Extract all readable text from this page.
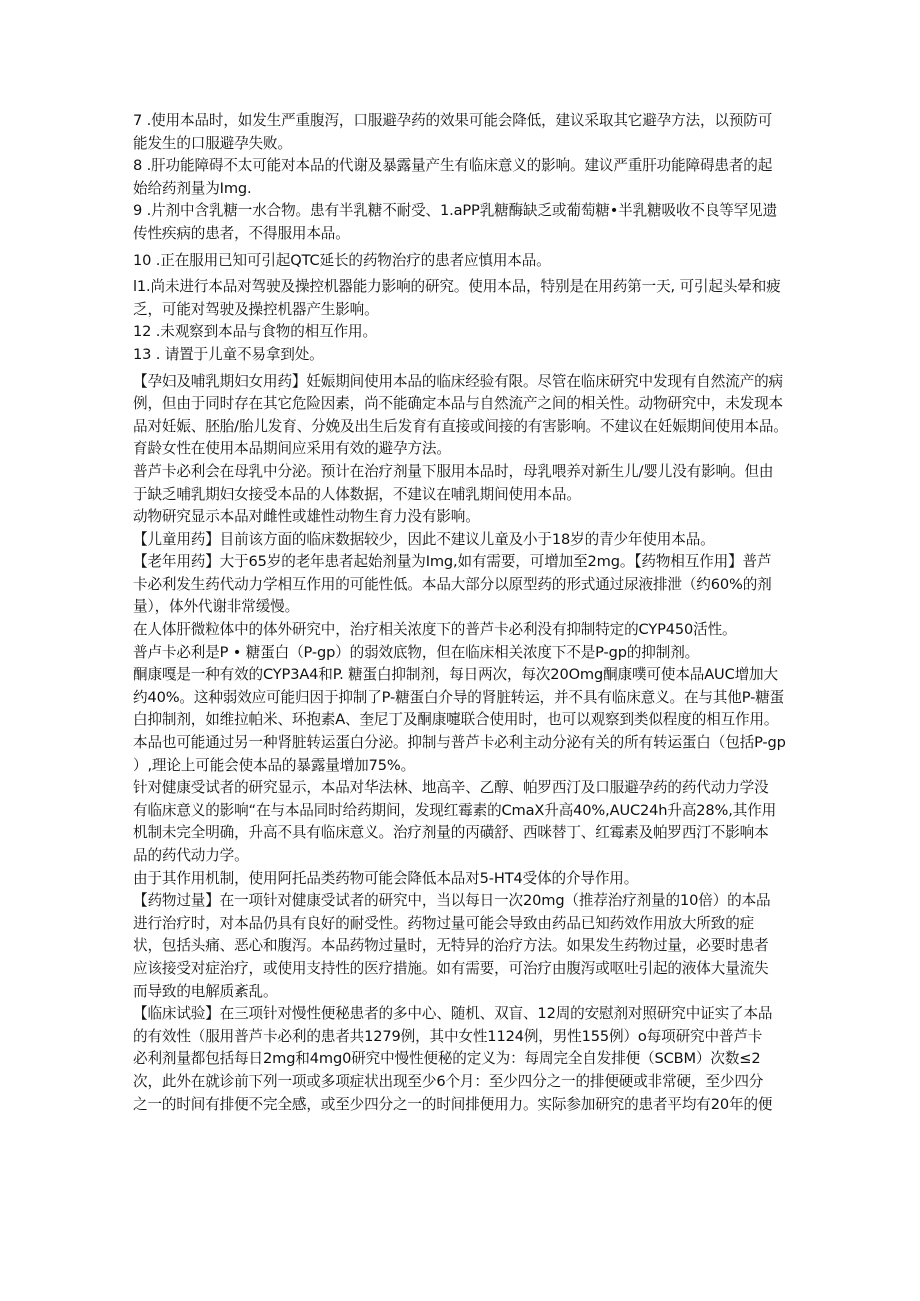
7 .使用本品时，如发生严重腹泻，口服避孕药的效果可能会降低，建议采取其它避孕方法，以预防可
能发生的口服避孕失败。
8 .肝功能障碍不太可能对本品的代谢及暴露量产生有临床意义的影响。建议严重肝功能障碍患者的起
始给药剂量为Img.
9 .片剂中含乳糖一水合物。患有半乳糖不耐受、1.aPP乳糖酶缺乏或葡萄糖•半乳糖吸收不良等罕见遗
传性疾病的患者，不得服用本品。
10 .正在服用已知可引起QTC延长的药物治疗的患者应慎用本品。
l1.尚未进行本品对驾驶及操控机器能力影响的研究。使用本品，特别是在用药第一天, 可引起头晕和疲
乏，可能对驾驶及操控机器产生影响。
12 .未观察到本品与食物的相互作用。
13 . 请置于儿童不易拿到处。
【孕妇及哺乳期妇女用药】妊娠期间使用本品的临床经验有限。尽管在临床研究中发现有自然流产的病
例，但由于同时存在其它危险因素，尚不能确定本品与自然流产之间的相关性。动物研究中，未发现本
品对妊娠、胚胎/胎儿发育、分娩及出生后发育有直接或间接的有害影响。不建议在妊娠期间使用本品。
育龄女性在使用本品期间应采用有效的避孕方法。
普芦卡必利会在母乳中分泌。预计在治疗剂量下服用本品时，母乳喂养对新生儿/婴儿没有影响。但由
于缺乏哺乳期妇女接受本品的人体数据，不建议在哺乳期间使用本品。
动物研究显示本品对雌性或雄性动物生育力没有影响。
【儿童用药】目前该方面的临床数据较少，因此不建议儿童及小于18岁的青少年使用本品。
【老年用药】大于65岁的老年患者起始剂量为Img,如有需要，可增加至2mg。【药物相互作用】普芦
卡必利发生药代动力学相互作用的可能性低。本品大部分以原型药的形式通过尿液排泄（约60%的剂
量），体外代谢非常缓慢。
在人体肝微粒体中的体外研究中，治疗相关浓度下的普芦卡必利没有抑制特定的CYP450活性。
普卢卡必利是P • 糖蛋白（P-gp）的弱效底物，但在临床相关浓度下不是P-gp的抑制剂。
酮康嘎是一种有效的CYP3A4和P. 糖蛋白抑制剂，每日两次，每次20Omg酮康噗可使本品AUC增加大
约40%。这种弱效应可能归因于抑制了P-糖蛋白介导的肾脏转运，并不具有临床意义。在与其他P-糖蛋
白抑制剂，如维拉帕米、环抱素A、奎尼丁及酮康嚏联合使用时，也可以观察到类似程度的相互作用。
本品也可能通过另一种肾脏转运蛋白分泌。抑制与普芦卡必利主动分泌有关的所有转运蛋白（包括P-gp
）,理论上可能会使本品的暴露量增加75%。
针对健康受试者的研究显示，本品对华法林、地高辛、乙醇、帕罗西汀及口服避孕药的药代动力学没
有临床意义的影响“在与本品同时给药期间，发现红霉素的CmaX升高40%,AUC24h升高28%,其作用
机制未完全明确，升高不具有临床意义。治疗剂量的丙磺舒、西咪替丁、红霉素及帕罗西汀不影响本
品的药代动力学。
由于其作用机制，使用阿托品类药物可能会降低本品对5-HT4受体的介导作用。
【药物过量】在一项针对健康受试者的研究中，当以每日一次20mg（推荐治疗剂量的10倍）的本品
进行治疗时，对本品仍具有良好的耐受性。药物过量可能会导致由药品已知药效作用放大所致的症
状，包括头痛、恶心和腹泻。本品药物过量时，无特异的治疗方法。如果发生药物过量，必要时患者
应该接受对症治疗，或使用支持性的医疗措施。如有需要，可治疗由腹泻或呕吐引起的液体大量流失
而导致的电解质紊乱。
【临床试验】在三项针对慢性便秘患者的多中心、随机、双盲、12周的安慰剂对照研究中证实了本品
的有效性（服用普芦卡必利的患者共1279例，其中女性1124例，男性155例）o每项研究中普芦卡
必利剂量都包括每日2mg和4mg0研究中慢性便秘的定义为：每周完全自发排便（SCBM）次数≤2
次，此外在就诊前下列一项或多项症状出现至少6个月：至少四分之一的排便硬或非常硬，至少四分
之一的时间有排便不完全感，或至少四分之一的时间排便用力。实际参加研究的患者平均有20年的便
